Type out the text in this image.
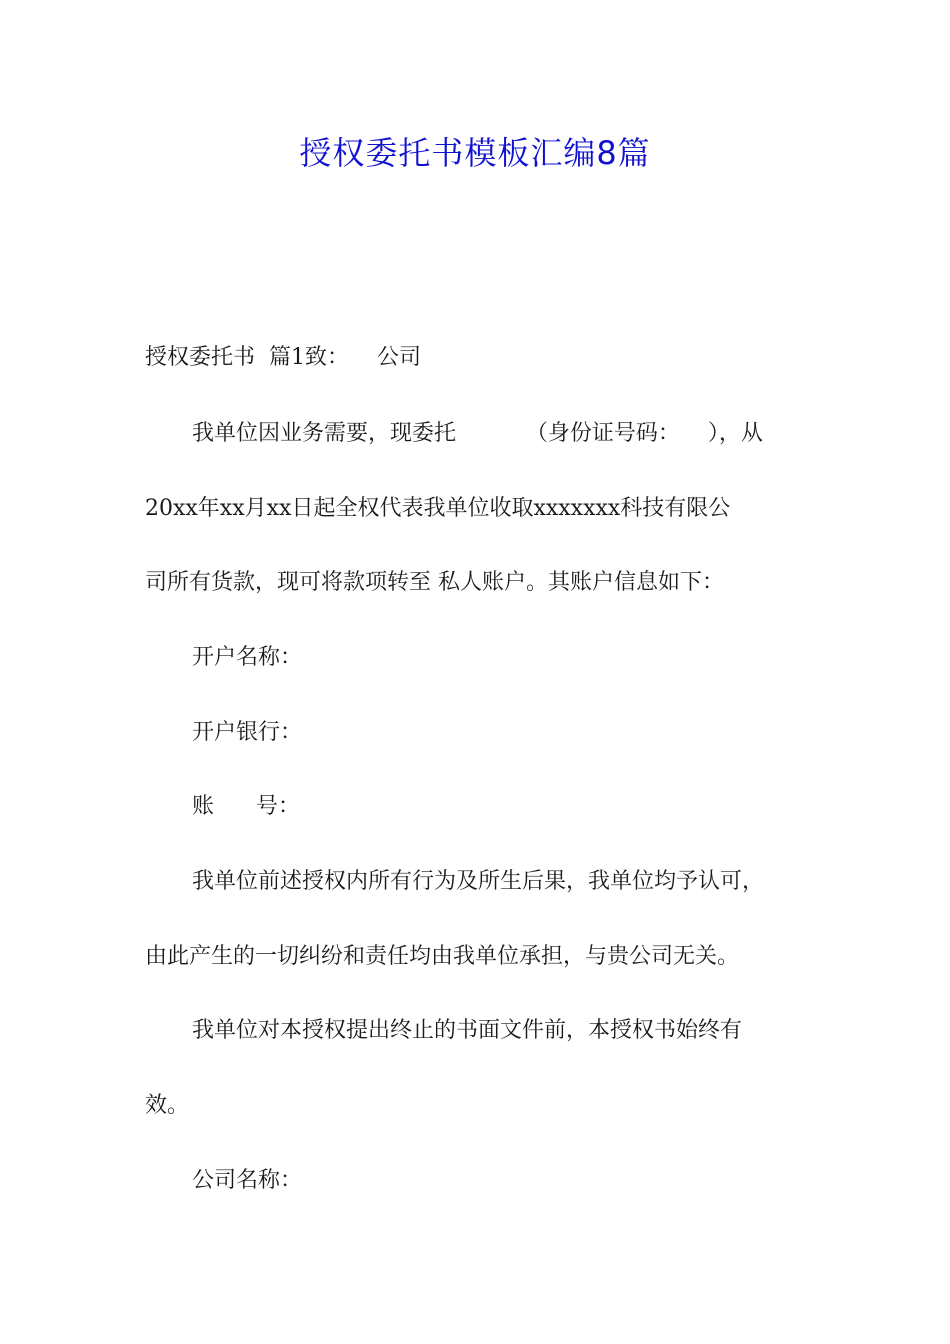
授权委托书模板汇编8篇
授权委托书  篇1致：    公司
我单位因业务需要，现委托          （身份证号码：    ），从
20xx年xx月xx日起全权代表我单位收取xxxxxxx科技有限公
司所有货款，现可将款项转至 私人账户。其账户信息如下：
开户名称：
开户银行：
账      号：
我单位前述授权内所有行为及所生后果，我单位均予认可，
由此产生的一切纠纷和责任均由我单位承担，与贵公司无关。
我单位对本授权提出终止的书面文件前，本授权书始终有
效。
公司名称：
